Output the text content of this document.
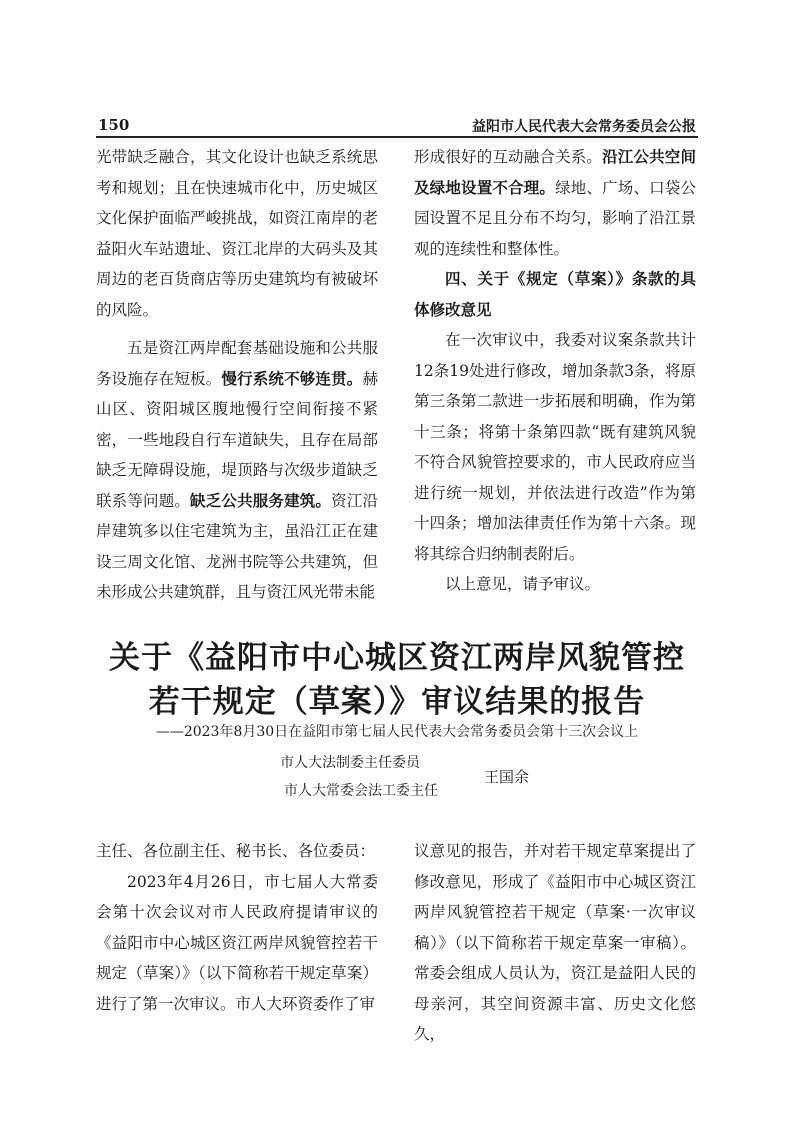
150	益阳市人民代表大会常务委员会公报

光带缺乏融合，其文化设计也缺乏系统思考和规划；且在快速城市化中，历史城区文化保护面临严峻挑战，如资江南岸的老益阳火车站遗址、资江北岸的大码头及其周边的老百货商店等历史建筑均有被破坏的风险。

五是资江两岸配套基础设施和公共服务设施存在短板。慢行系统不够连贯。赫山区、资阳城区腹地慢行空间衔接不紧密，一些地段自行车道缺失，且存在局部缺乏无障碍设施，堤顶路与次级步道缺乏联系等问题。缺乏公共服务建筑。资江沿岸建筑多以住宅建筑为主，虽沿江正在建设三周文化馆、龙洲书院等公共建筑，但未形成公共建筑群，且与资江风光带未能

形成很好的互动融合关系。沿江公共空间及绿地设置不合理。绿地、广场、口袋公园设置不足且分布不均匀，影响了沿江景观的连续性和整体性。

四、关于《规定（草案）》条款的具体修改意见

在一次审议中，我委对议案条款共计12条19处进行修改，增加条款3条，将原第三条第二款进一步拓展和明确，作为第十三条；将第十条第四款“既有建筑风貌不符合风貌管控要求的，市人民政府应当进行统一规划，并依法进行改造”作为第十四条；增加法律责任作为第十六条。现将其综合归纳制表附后。

以上意见，请予审议。

关于《益阳市中心城区资江两岸风貌管控
若干规定（草案）》审议结果的报告
——2023年8月30日在益阳市第七届人民代表大会常务委员会第十三次会议上
市人大法制委主任委员
市人大常委会法工委主任
王国余

主任、各位副主任、秘书长、各位委员：

2023年4月26日，市七届人大常委会第十次会议对市人民政府提请审议的《益阳市中心城区资江两岸风貌管控若干规定（草案）》（以下简称若干规定草案）进行了第一次审议。市人大环资委作了审

议意见的报告，并对若干规定草案提出了修改意见，形成了《益阳市中心城区资江两岸风貌管控若干规定（草案·一次审议稿）》（以下简称若干规定草案一审稿）。常委会组成人员认为，资江是益阳人民的母亲河，其空间资源丰富、历史文化悠久，
